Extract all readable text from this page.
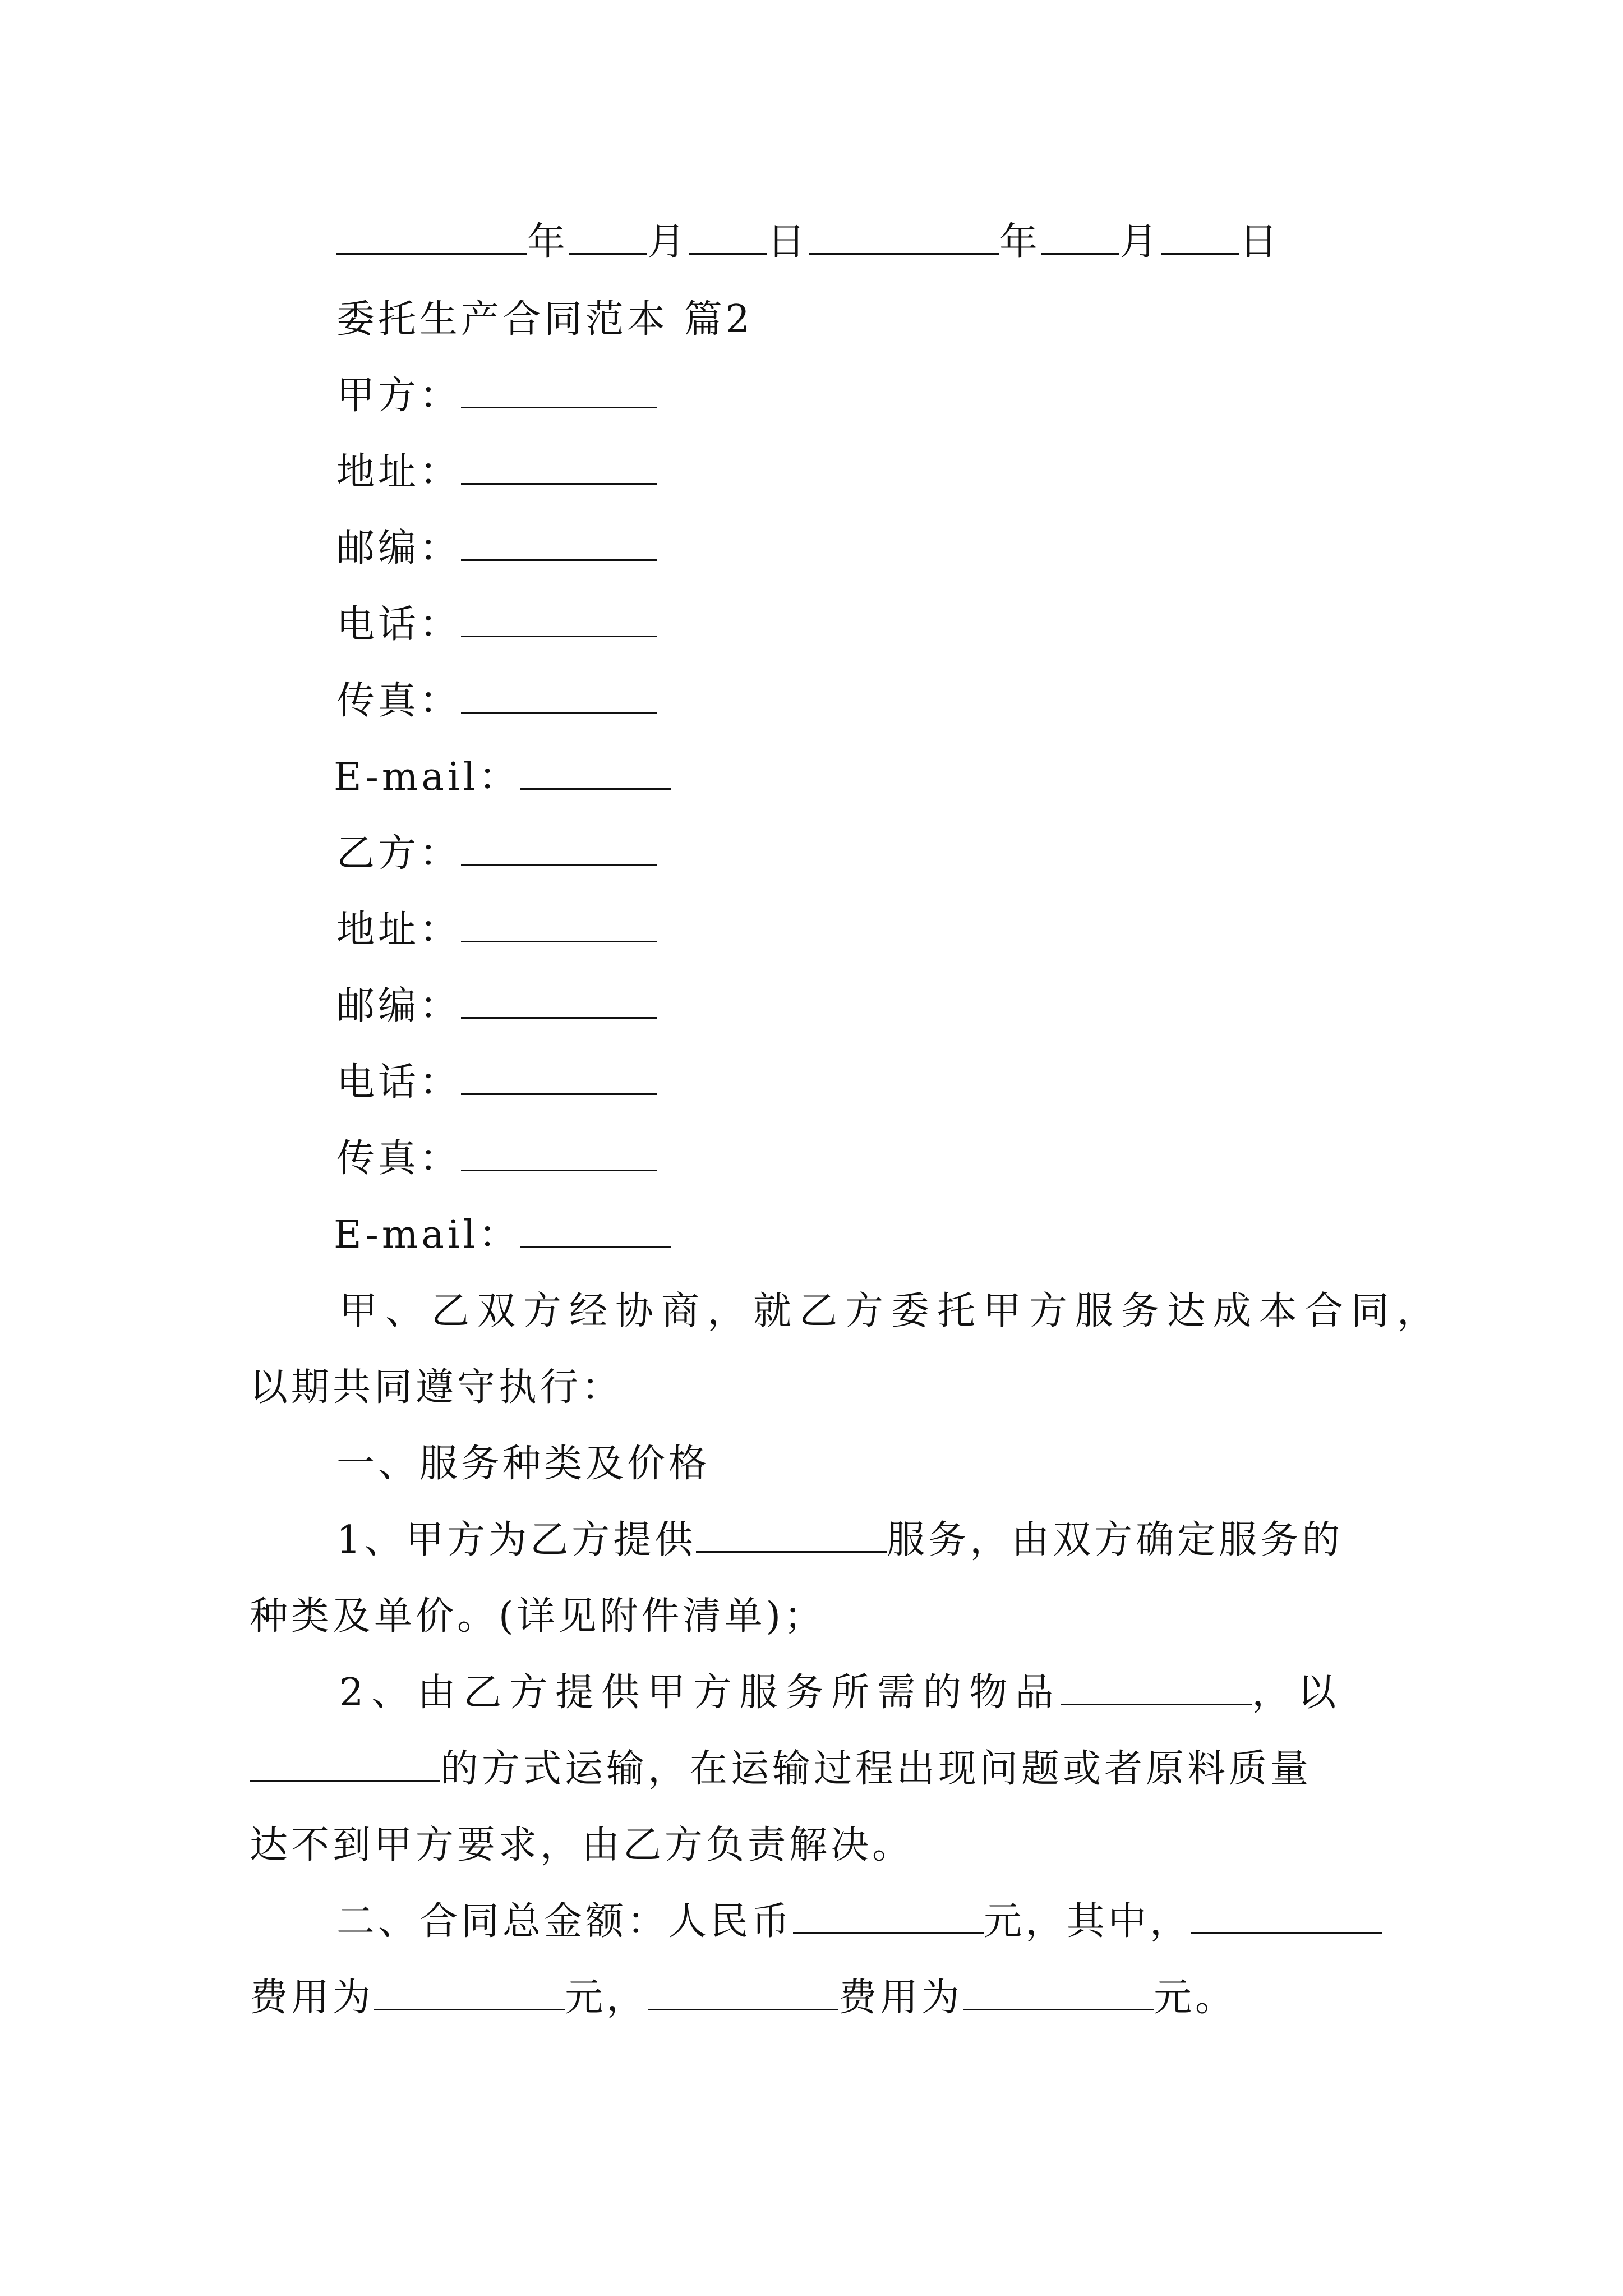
年 月 日	年 月 日
委托生产合同范本 篇2
甲方：
地址：
邮编：
电话：
传真：
E-mail：
乙方：
地址：
邮编：
电话：
传真：
E-mail：
甲、乙双方经协商，就乙方委托甲方服务达成本合同，
以期共同遵守执行：
一、服务种类及价格
1、甲方为乙方提供	服务，由双方确定服务的
种类及单价。(详见附件清单)；
2、由乙方提供甲方服务所需的物品	，以
的方式运输，在运输过程出现问题或者原料质量
达不到甲方要求，由乙方负责解决。
二、合同总金额：人民币	元，其中，
费用为	元，	费用为	元。
